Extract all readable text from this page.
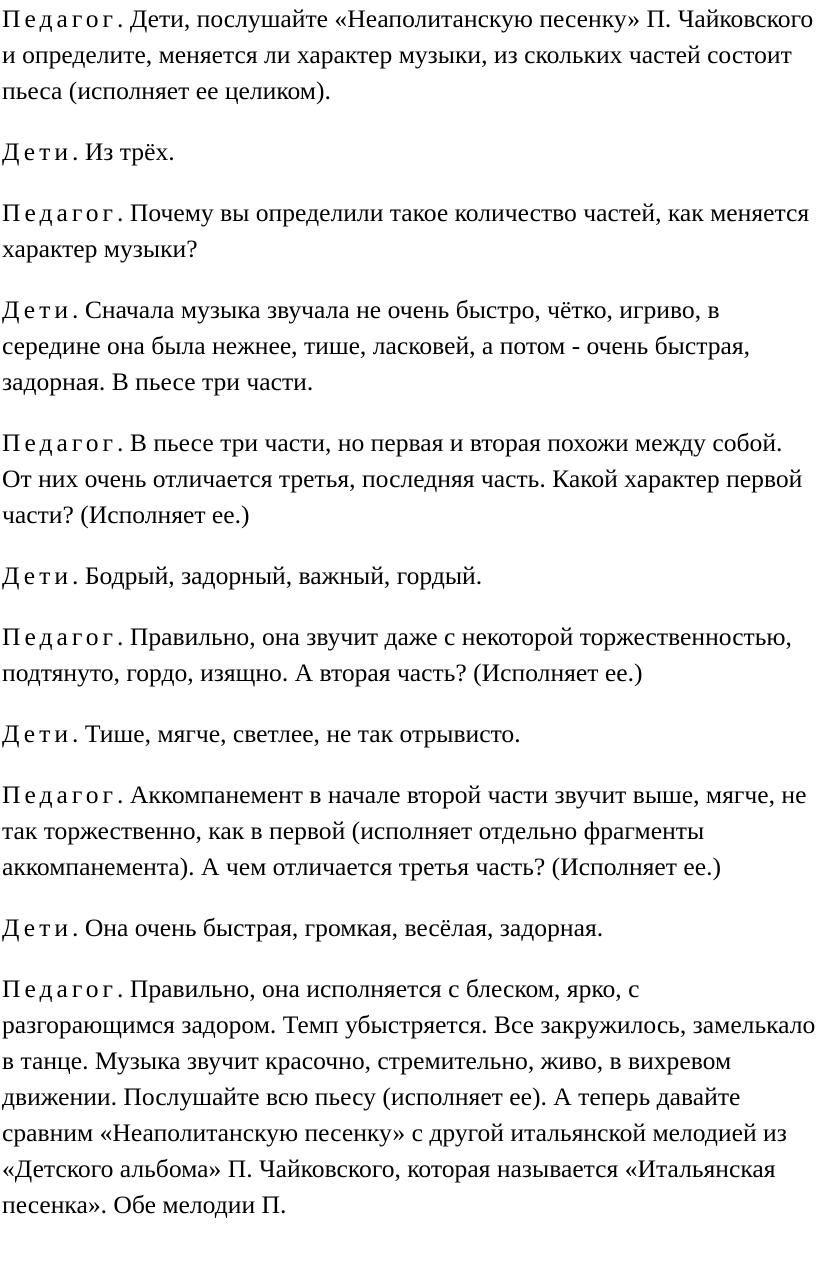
Педагог. Дети, послушайте «Неаполитанскую песенку» П. Чайковского и определите, меняется ли характер музыки, из скольких частей состоит пьеса (исполняет ее целиком).

Дети. Из трёх.

Педагог. Почему вы определили такое количество частей, как меняется характер музыки?

Дети. Сначала музыка звучала не очень быстро, чётко, игриво, в середине она была нежнее, тише, ласковей, а потом - очень быстрая, задорная. В пьесе три части.

Педагог. В пьесе три части, но первая и вторая похожи между собой. От них очень отличается третья, последняя часть. Какой характер первой части? (Исполняет ее.)

Дети. Бодрый, задорный, важный, гордый.

Педагог. Правильно, она звучит даже с некоторой торжественностью, подтянуто, гордо, изящно. А вторая часть? (Исполняет ее.)

Дети. Тише, мягче, светлее, не так отрывисто.

Педагог. Аккомпанемент в начале второй части звучит выше, мягче, не так торжественно, как в первой (исполняет отдельно фрагменты аккомпанемента). А чем отличается третья часть? (Исполняет ее.)

Дети. Она очень быстрая, громкая, весёлая, задорная.

Педагог. Правильно, она исполняется с блеском, ярко, с разгорающимся задором. Темп убыстряется. Все закружилось, замелькало в танце. Музыка звучит красочно, стремительно, живо, в вихревом движении. Послушайте всю пьесу (исполняет ее). А теперь давайте сравним «Неаполитанскую песенку» с другой итальянской мелодией из «Детского альбома» П. Чайковского, которая называется «Итальянская песенка». Обе мелодии П.
